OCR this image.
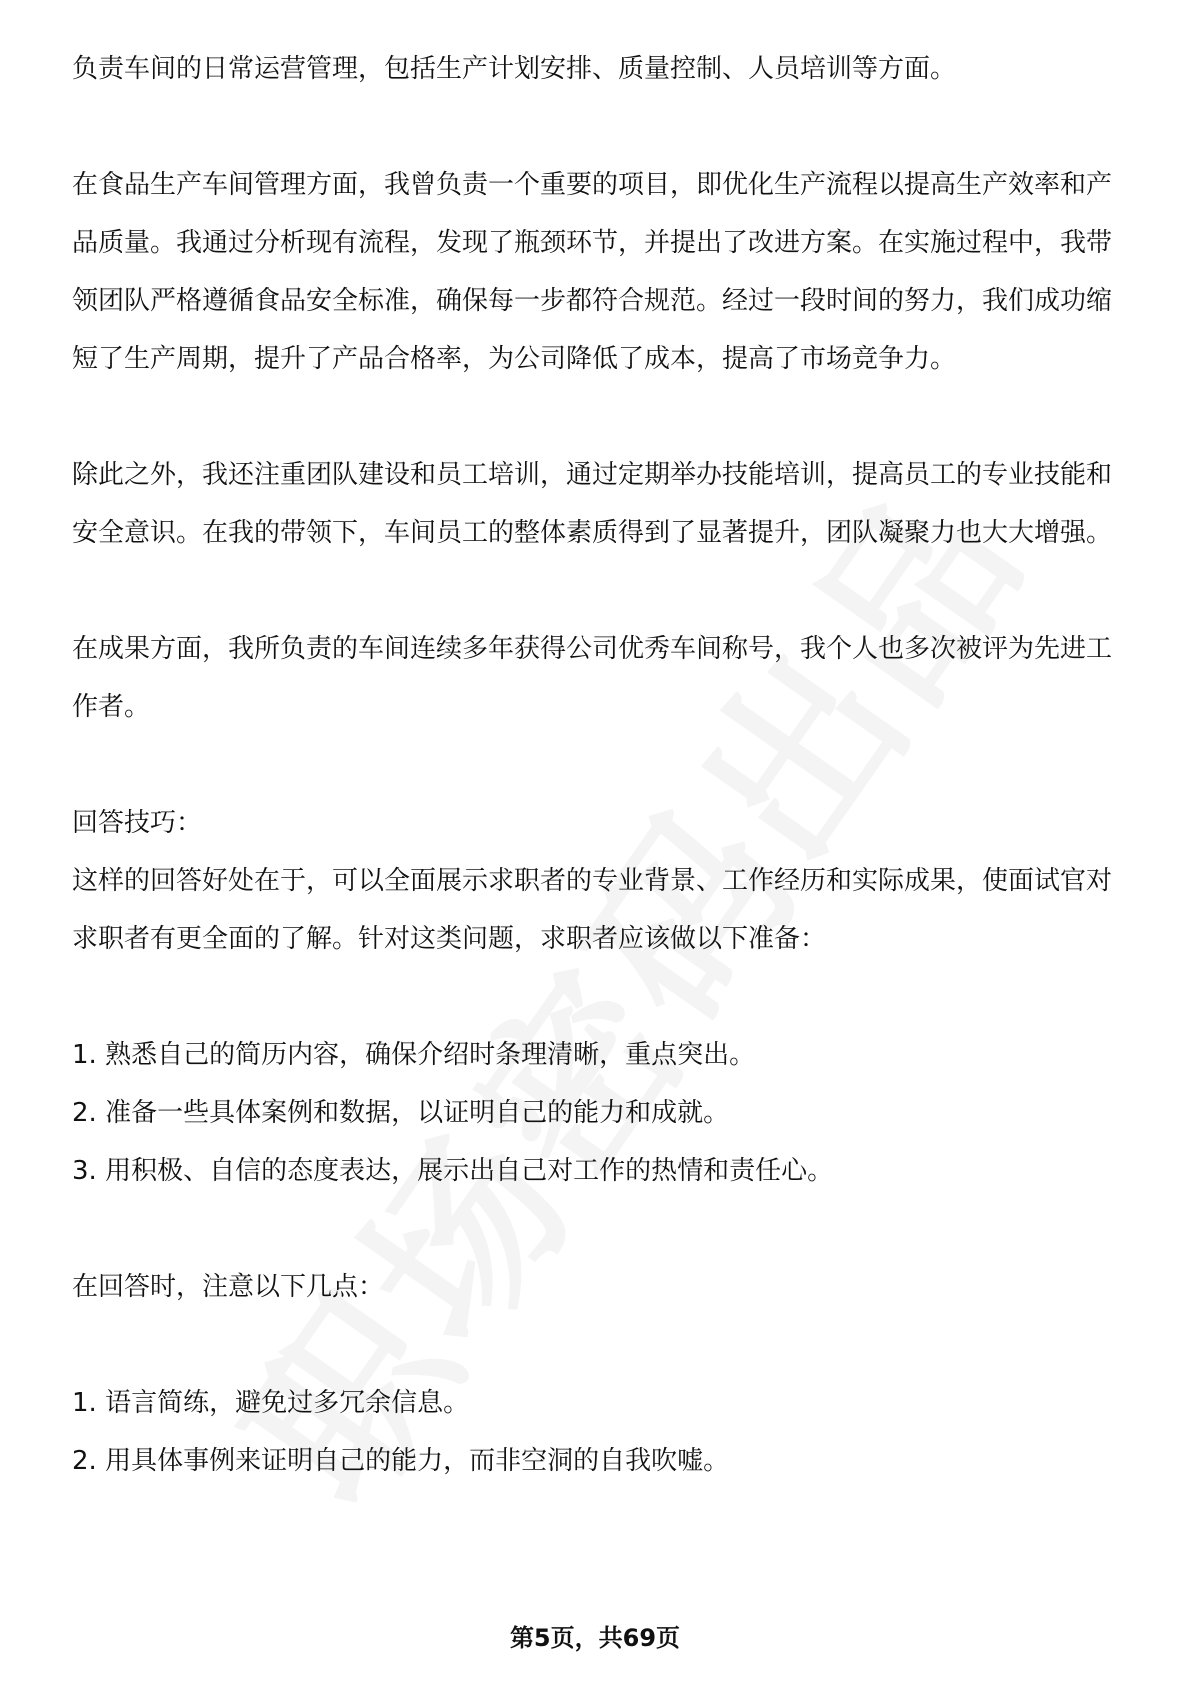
负责车间的日常运营管理，包括生产计划安排、质量控制、人员培训等方面。

在食品生产车间管理方面，我曾负责一个重要的项目，即优化生产流程以提高生产效率和产品质量。我通过分析现有流程，发现了瓶颈环节，并提出了改进方案。在实施过程中，我带领团队严格遵循食品安全标准，确保每一步都符合规范。经过一段时间的努力，我们成功缩短了生产周期，提升了产品合格率，为公司降低了成本，提高了市场竞争力。

除此之外，我还注重团队建设和员工培训，通过定期举办技能培训，提高员工的专业技能和安全意识。在我的带领下，车间员工的整体素质得到了显著提升，团队凝聚力也大大增强。

在成果方面，我所负责的车间连续多年获得公司优秀车间称号，我个人也多次被评为先进工作者。

回答技巧：

这样的回答好处在于，可以全面展示求职者的专业背景、工作经历和实际成果，使面试官对求职者有更全面的了解。针对这类问题，求职者应该做以下准备：

1. 熟悉自己的简历内容，确保介绍时条理清晰，重点突出。

2. 准备一些具体案例和数据，以证明自己的能力和成就。

3. 用积极、自信的态度表达，展示出自己对工作的热情和责任心。

在回答时，注意以下几点：

1. 语言简练，避免过多冗余信息。

2. 用具体事例来证明自己的能力，而非空洞的自我吹嘘。

第5页，共69页
